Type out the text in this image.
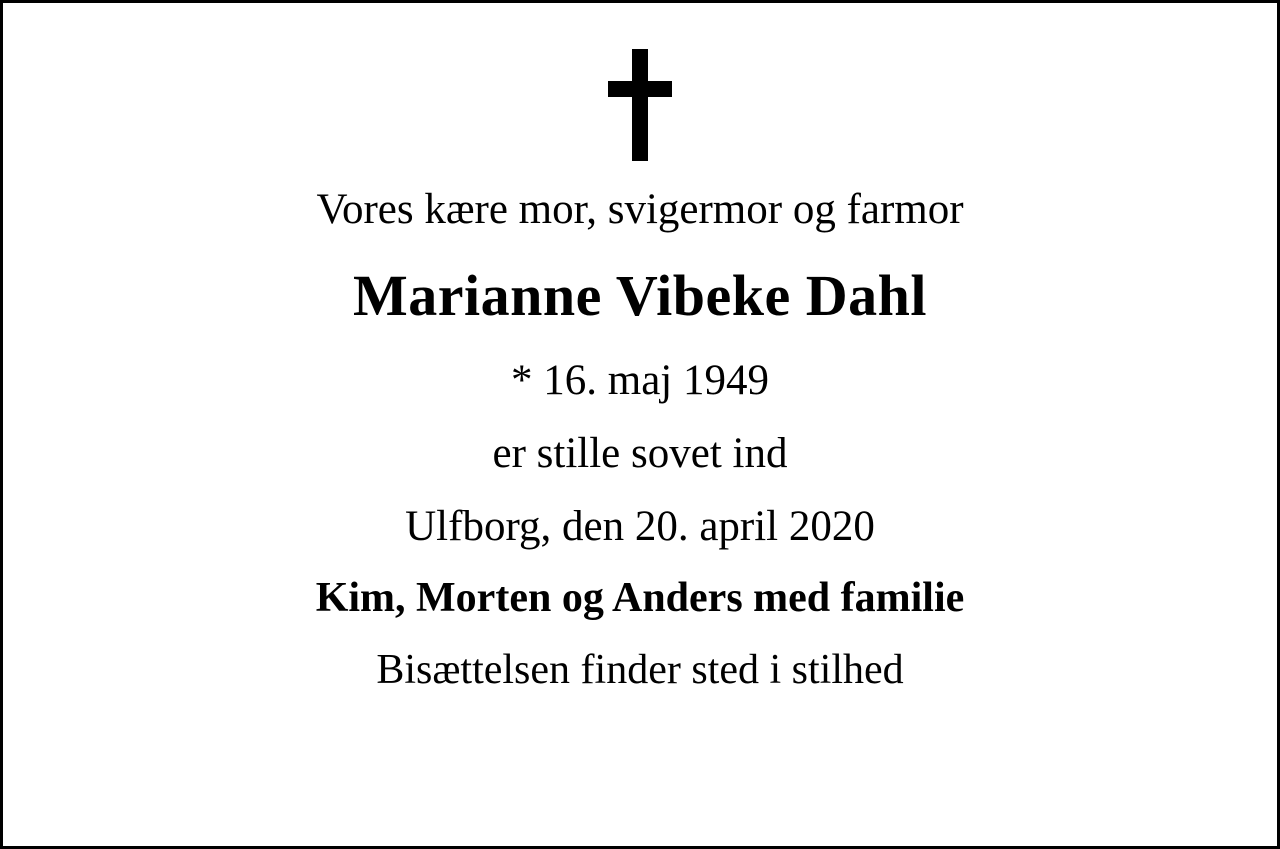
Vores kære mor, svigermor og farmor
Marianne Vibeke Dahl
* 16. maj 1949
er stille sovet ind
Ulfborg, den 20. april 2020
Kim, Morten og Anders med familie
Bisættelsen finder sted i stilhed
